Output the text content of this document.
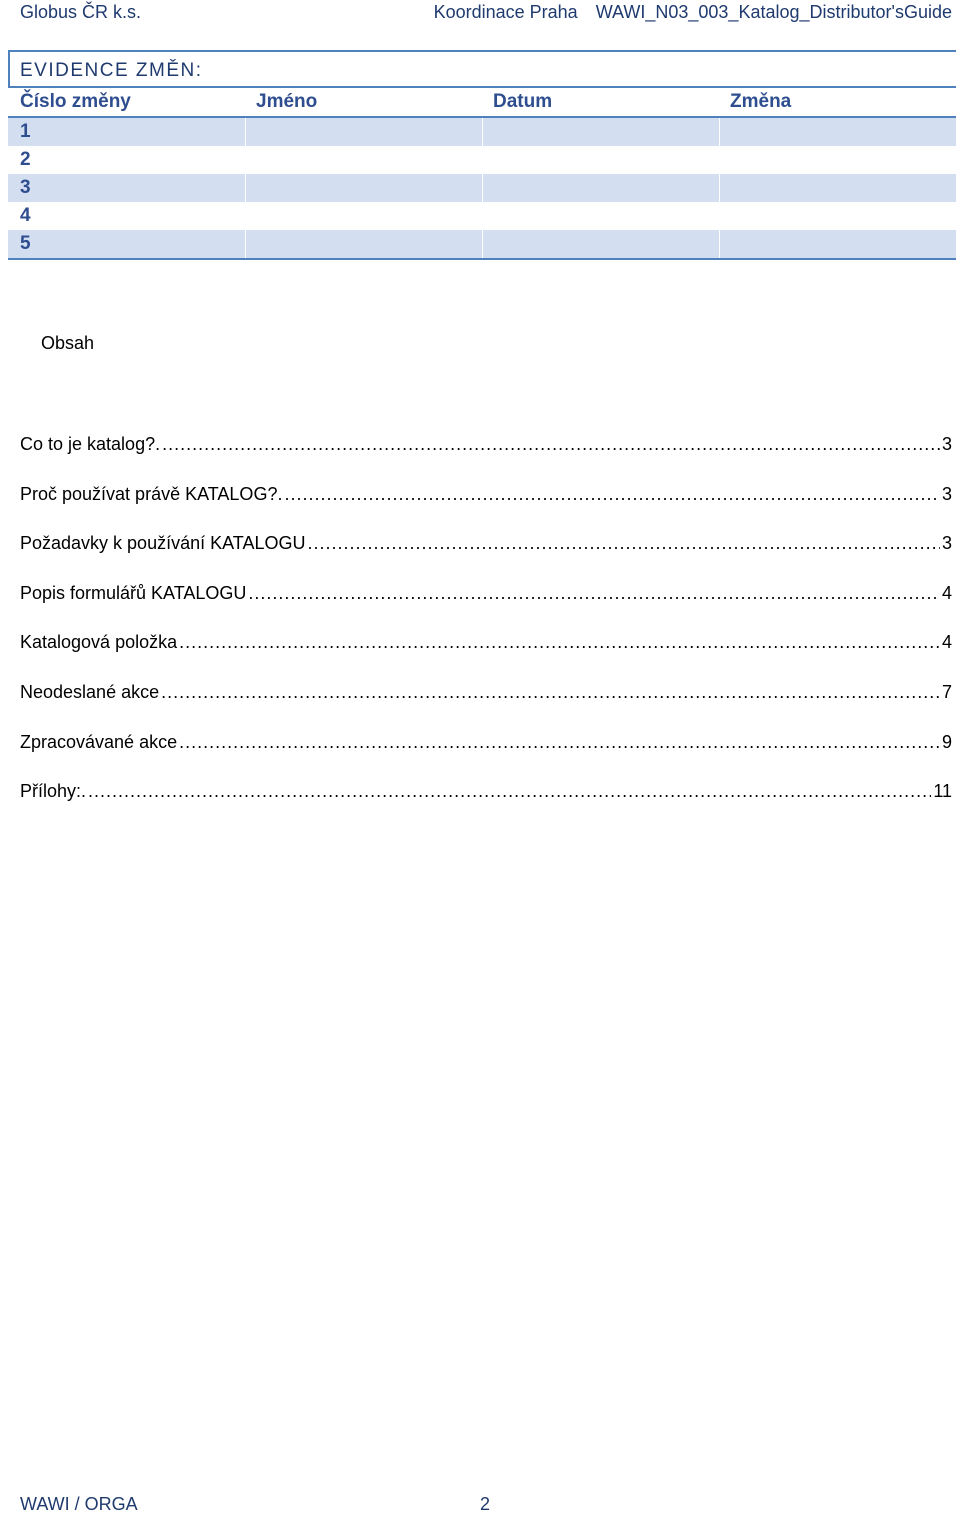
Globus ČR k.s.	Koordinace Praha WAWI_N03_003_Katalog_Distributor'sGuide
EVIDENCE ZMĚN:
Číslo změny	Jméno	Datum	Změna
1
2
3
4
5
Obsah
Co to je katalog?. .....	3
Proč používat právě KATALOG?. .....	3
Požadavky k používání KATALOGU .....	3
Popis formulářů KATALOGU .....	4
Katalogová položka .....	4
Neodeslané akce .....	7
Zpracovávané akce .....	9
Přílohy:. .....	11
WAWI / ORGA	2
